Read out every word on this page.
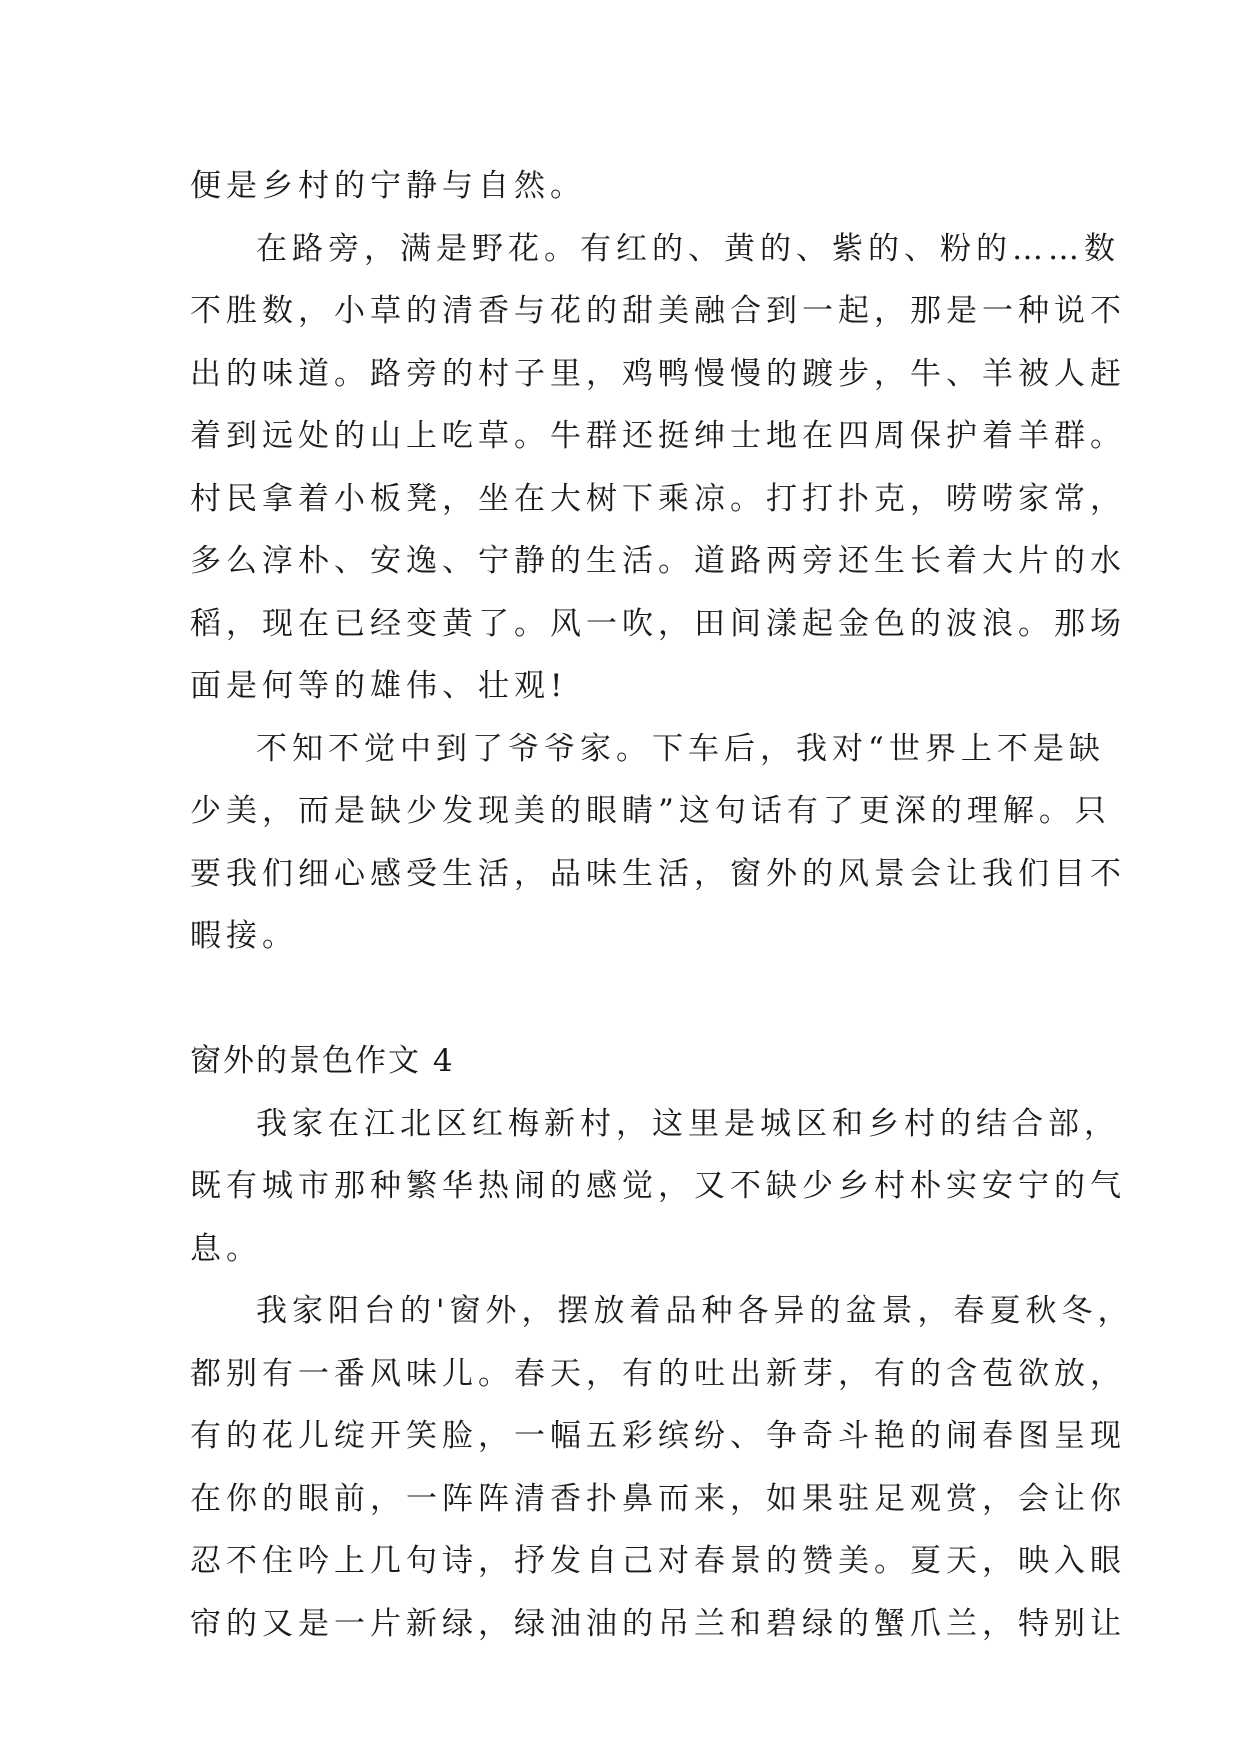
便是乡村的宁静与自然。
在路旁，满是野花。有红的、黄的、紫的、粉的……数
不胜数，小草的清香与花的甜美融合到一起，那是一种说不
出的味道。路旁的村子里，鸡鸭慢慢的踱步，牛、羊被人赶
着到远处的山上吃草。牛群还挺绅士地在四周保护着羊群。
村民拿着小板凳，坐在大树下乘凉。打打扑克，唠唠家常，
多么淳朴、安逸、宁静的生活。道路两旁还生长着大片的水
稻，现在已经变黄了。风一吹，田间漾起金色的波浪。那场
面是何等的雄伟、壮观!
不知不觉中到了爷爷家。下车后，我对“世界上不是缺
少美，而是缺少发现美的眼睛”这句话有了更深的理解。只
要我们细心感受生活，品味生活，窗外的风景会让我们目不
暇接。
窗外的景色作文 4
我家在江北区红梅新村，这里是城区和乡村的结合部，
既有城市那种繁华热闹的感觉，又不缺少乡村朴实安宁的气
息。
我家阳台的'窗外，摆放着品种各异的盆景，春夏秋冬，
都别有一番风味儿。春天，有的吐出新芽，有的含苞欲放，
有的花儿绽开笑脸，一幅五彩缤纷、争奇斗艳的闹春图呈现
在你的眼前，一阵阵清香扑鼻而来，如果驻足观赏，会让你
忍不住吟上几句诗，抒发自己对春景的赞美。夏天，映入眼
帘的又是一片新绿，绿油油的吊兰和碧绿的蟹爪兰，特别让
